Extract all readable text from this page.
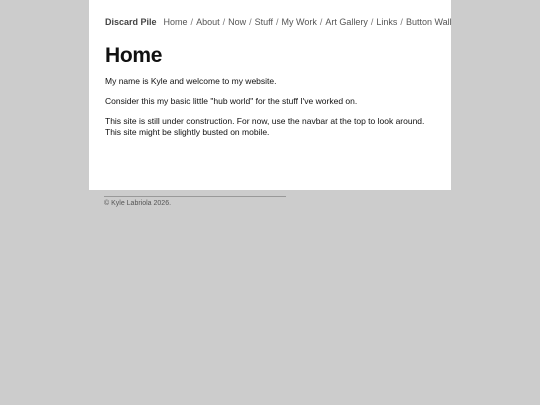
Discard Pile Home / About / Now / Stuff / My Work / Art Gallery / Links / Button Wall
Home

My name is Kyle and welcome to my website.

Consider this my basic little "hub world" for the stuff I've worked on.

This site is still under construction. For now, use the navbar at the top to look around. This site might be slightly busted on mobile.

© Kyle Labriola 2026.
